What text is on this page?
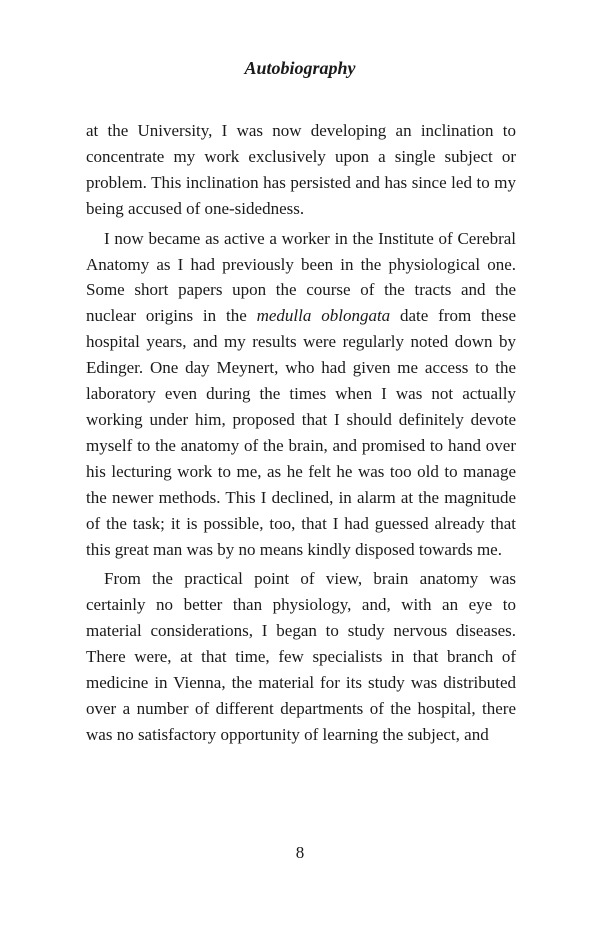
Autobiography

at the University, I was now developing an inclination to concentrate my work exclusively upon a single subject or problem. This inclination has persisted and has since led to my being accused of one-sidedness.

I now became as active a worker in the Institute of Cerebral Anatomy as I had previously been in the physiological one. Some short papers upon the course of the tracts and the nuclear origins in the medulla oblongata date from these hospital years, and my results were regularly noted down by Edinger. One day Meynert, who had given me access to the laboratory even during the times when I was not actually working under him, proposed that I should definitely devote myself to the anatomy of the brain, and promised to hand over his lecturing work to me, as he felt he was too old to manage the newer methods. This I declined, in alarm at the magnitude of the task; it is possible, too, that I had guessed already that this great man was by no means kindly disposed towards me.

From the practical point of view, brain anatomy was certainly no better than physiology, and, with an eye to material considerations, I began to study nervous diseases. There were, at that time, few specialists in that branch of medicine in Vienna, the material for its study was distributed over a number of different departments of the hospital, there was no satisfactory opportunity of learning the subject, and

8
